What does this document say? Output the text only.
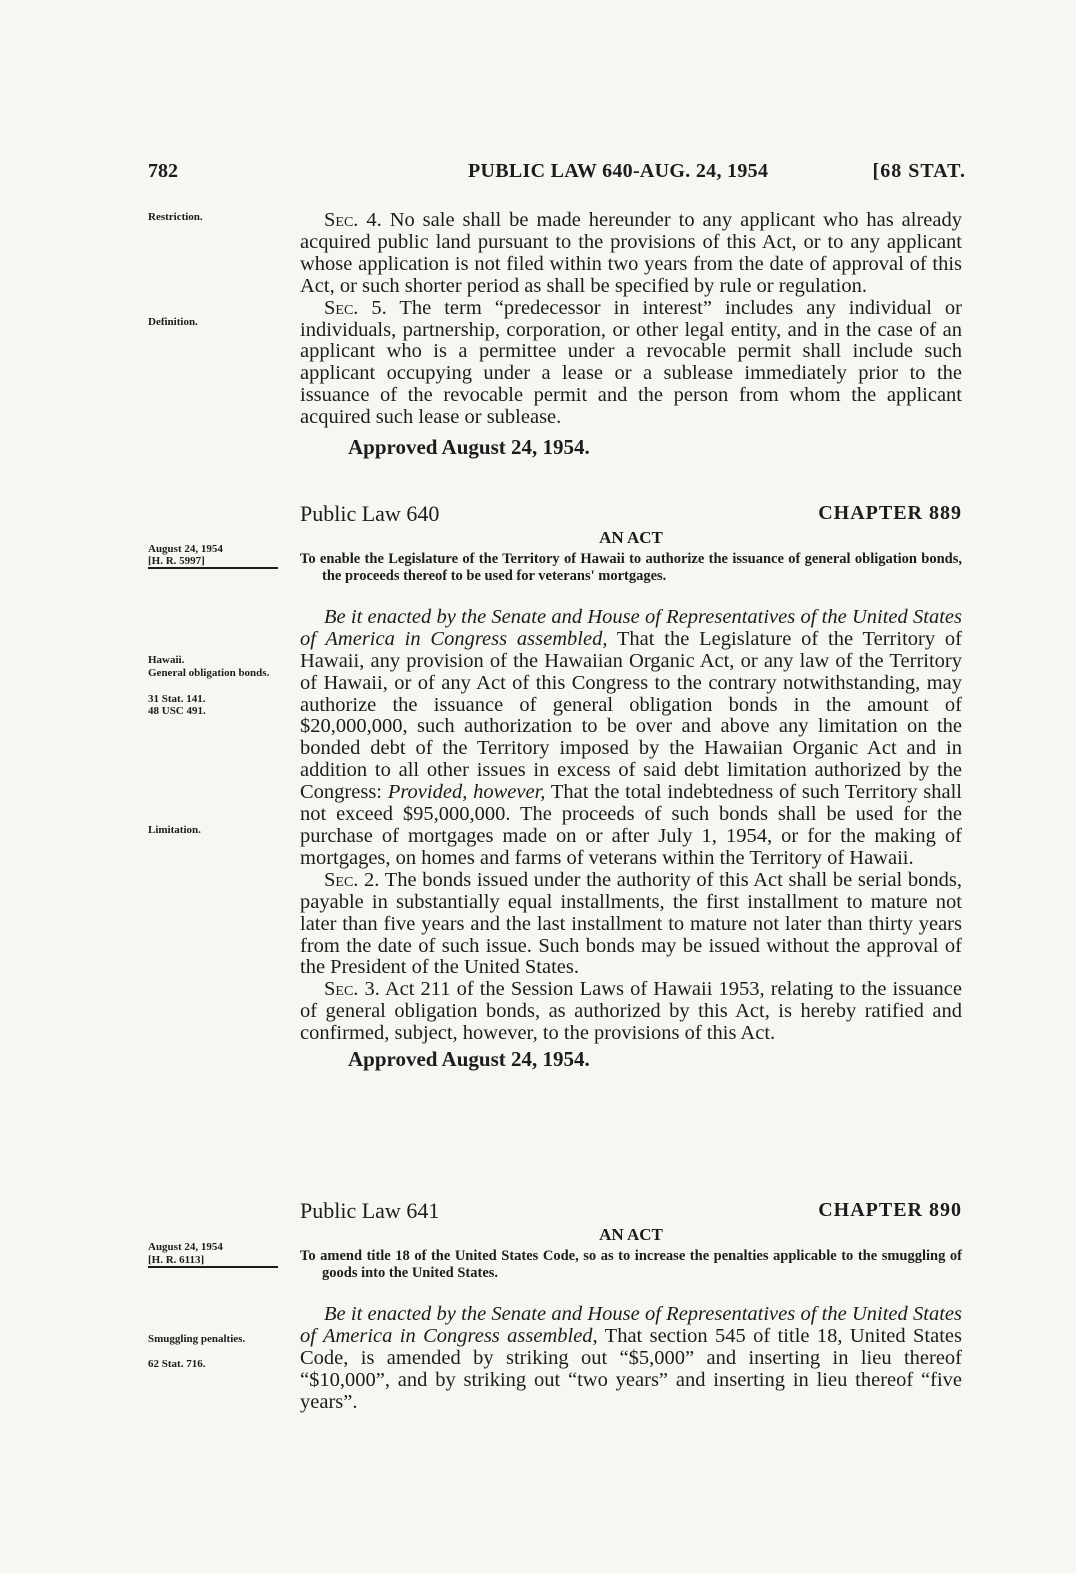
782	PUBLIC LAW 640-AUG. 24, 1954	[68 STAT.
Restriction.
Definition.
August 24, 1954
[H. R. 5997]
Hawaii.
General obligation bonds.
31 Stat. 141.
48 USC 491.
Limitation.
August 24, 1954
[H. R. 6113]
Smuggling penalties.
62 Stat. 716.

Sec. 4. No sale shall be made hereunder to any applicant who has already acquired public land pursuant to the provisions of this Act, or to any applicant whose application is not filed within two years from the date of approval of this Act, or such shorter period as shall be specified by rule or regulation.

Sec. 5. The term “predecessor in interest” includes any individual or individuals, partnership, corporation, or other legal entity, and in the case of an applicant who is a permittee under a revocable permit shall include such applicant occupying under a lease or a sublease immediately prior to the issuance of the revocable permit and the person from whom the applicant acquired such lease or sublease.

Approved August 24, 1954.

Public Law 640	CHAPTER 889
AN ACT
To enable the Legislature of the Territory of Hawaii to authorize the issuance of general obligation bonds, the proceeds thereof to be used for veterans' mortgages.

Be it enacted by the Senate and House of Representatives of the United States of America in Congress assembled, That the Legislature of the Territory of Hawaii, any provision of the Hawaiian Organic Act, or any law of the Territory of Hawaii, or of any Act of this Congress to the contrary notwithstanding, may authorize the issuance of general obligation bonds in the amount of $20,000,000, such authorization to be over and above any limitation on the bonded debt of the Territory imposed by the Hawaiian Organic Act and in addition to all other issues in excess of said debt limitation authorized by the Congress: Provided, however, That the total indebtedness of such Territory shall not exceed $95,000,000. The proceeds of such bonds shall be used for the purchase of mortgages made on or after July 1, 1954, or for the making of mortgages, on homes and farms of veterans within the Territory of Hawaii.

Sec. 2. The bonds issued under the authority of this Act shall be serial bonds, payable in substantially equal installments, the first installment to mature not later than five years and the last installment to mature not later than thirty years from the date of such issue. Such bonds may be issued without the approval of the President of the United States.

Sec. 3. Act 211 of the Session Laws of Hawaii 1953, relating to the issuance of general obligation bonds, as authorized by this Act, is hereby ratified and confirmed, subject, however, to the provisions of this Act.

Approved August 24, 1954.

Public Law 641	CHAPTER 890
AN ACT
To amend title 18 of the United States Code, so as to increase the penalties applicable to the smuggling of goods into the United States.

Be it enacted by the Senate and House of Representatives of the United States of America in Congress assembled, That section 545 of title 18, United States Code, is amended by striking out “$5,000” and inserting in lieu thereof “$10,000”, and by striking out “two years” and inserting in lieu thereof “five years”.
